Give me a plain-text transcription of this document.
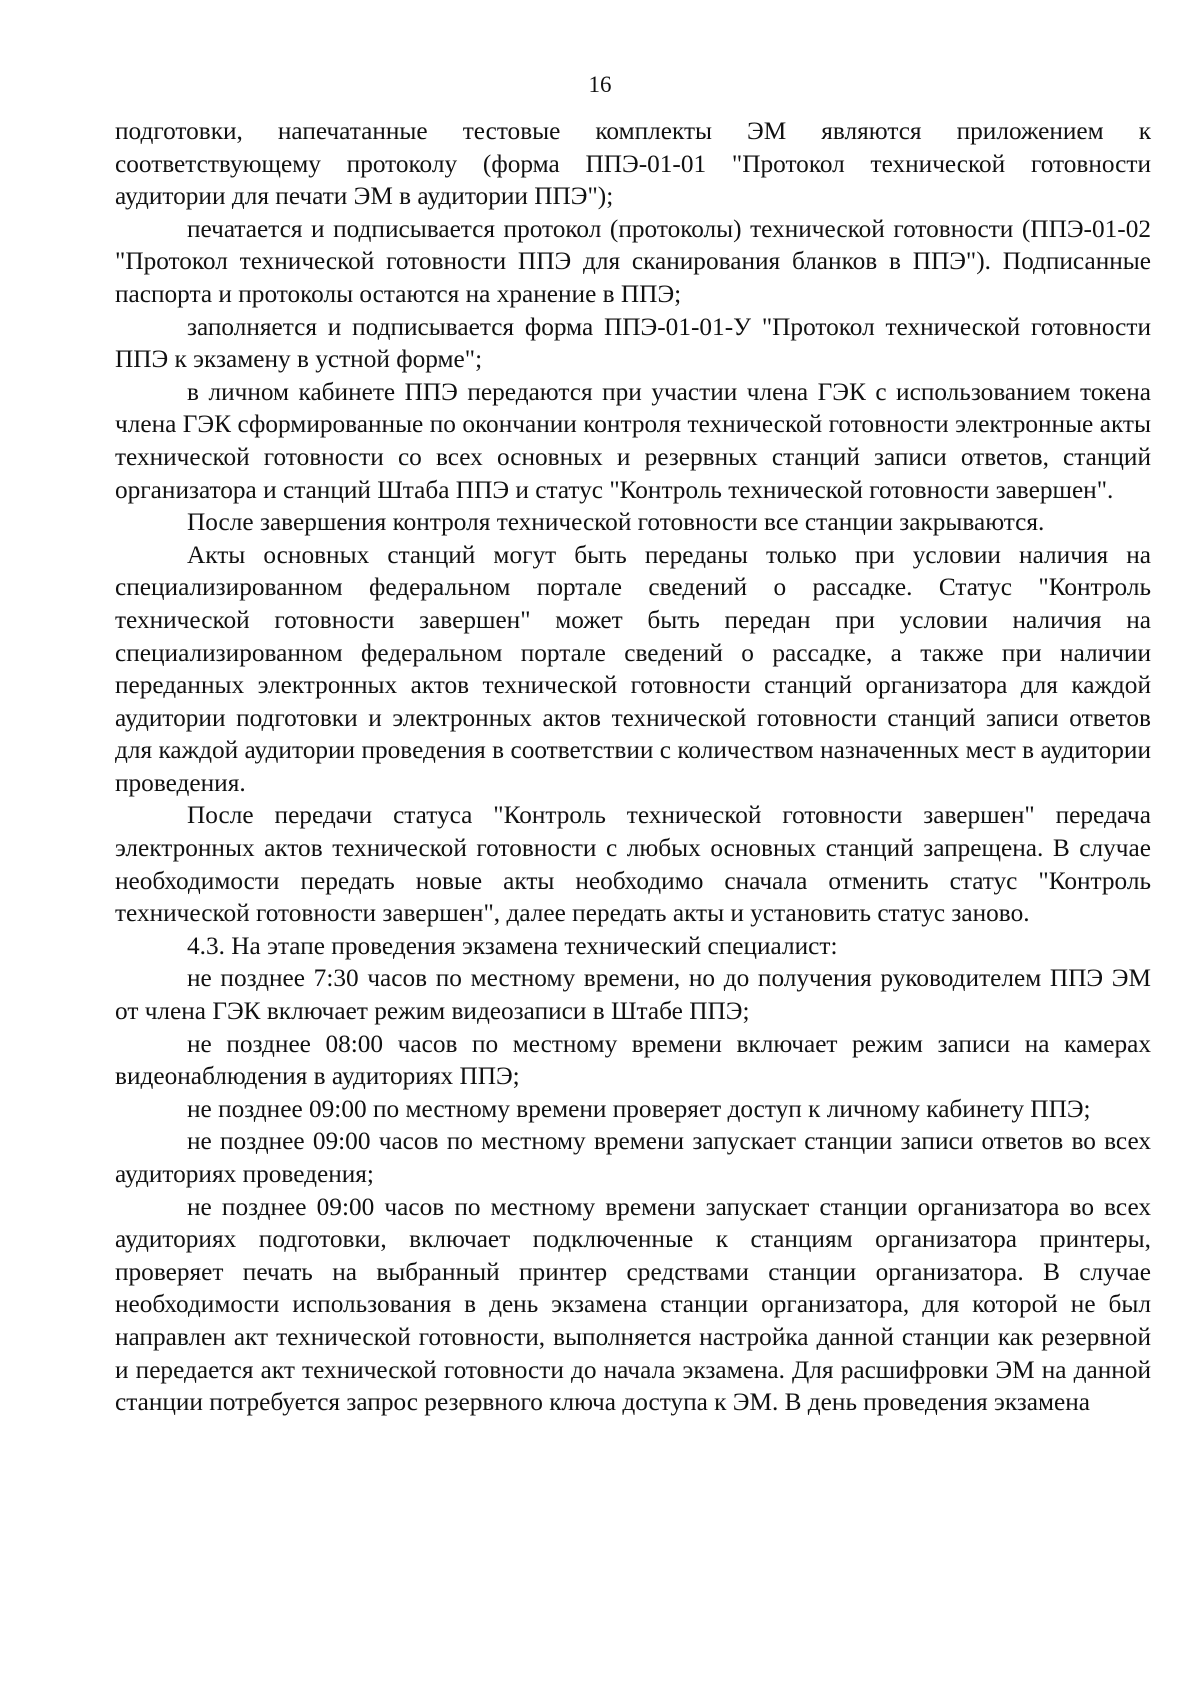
16

подготовки, напечатанные тестовые комплекты ЭМ являются приложением к соответствующему протоколу (форма ППЭ-01-01 "Протокол технической готовности аудитории для печати ЭМ в аудитории ППЭ");

печатается и подписывается протокол (протоколы) технической готовности (ППЭ-01-02 "Протокол технической готовности ППЭ для сканирования бланков в ППЭ"). Подписанные паспорта и протоколы остаются на хранение в ППЭ;

заполняется и подписывается форма ППЭ-01-01-У "Протокол технической готовности ППЭ к экзамену в устной форме";

в личном кабинете ППЭ передаются при участии члена ГЭК с использованием токена члена ГЭК сформированные по окончании контроля технической готовности электронные акты технической готовности со всех основных и резервных станций записи ответов, станций организатора и станций Штаба ППЭ и статус "Контроль технической готовности завершен".

После завершения контроля технической готовности все станции закрываются.

Акты основных станций могут быть переданы только при условии наличия на специализированном федеральном портале сведений о рассадке. Статус "Контроль технической готовности завершен" может быть передан при условии наличия на специализированном федеральном портале сведений о рассадке, а также при наличии переданных электронных актов технической готовности станций организатора для каждой аудитории подготовки и электронных актов технической готовности станций записи ответов для каждой аудитории проведения в соответствии с количеством назначенных мест в аудитории проведения.

После передачи статуса "Контроль технической готовности завершен" передача электронных актов технической готовности с любых основных станций запрещена. В случае необходимости передать новые акты необходимо сначала отменить статус "Контроль технической готовности завершен", далее передать акты и установить статус заново.

4.3. На этапе проведения экзамена технический специалист:

не позднее 7:30 часов по местному времени, но до получения руководителем ППЭ ЭМ от члена ГЭК включает режим видеозаписи в Штабе ППЭ;

не позднее 08:00 часов по местному времени включает режим записи на камерах видеонаблюдения в аудиториях ППЭ;

не позднее 09:00 по местному времени проверяет доступ к личному кабинету ППЭ;

не позднее 09:00 часов по местному времени запускает станции записи ответов во всех аудиториях проведения;

не позднее 09:00 часов по местному времени запускает станции организатора во всех аудиториях подготовки, включает подключенные к станциям организатора принтеры, проверяет печать на выбранный принтер средствами станции организатора. В случае необходимости использования в день экзамена станции организатора, для которой не был направлен акт технической готовности, выполняется настройка данной станции как резервной и передается акт технической готовности до начала экзамена. Для расшифровки ЭМ на данной станции потребуется запрос резервного ключа доступа к ЭМ. В день проведения экзамена
